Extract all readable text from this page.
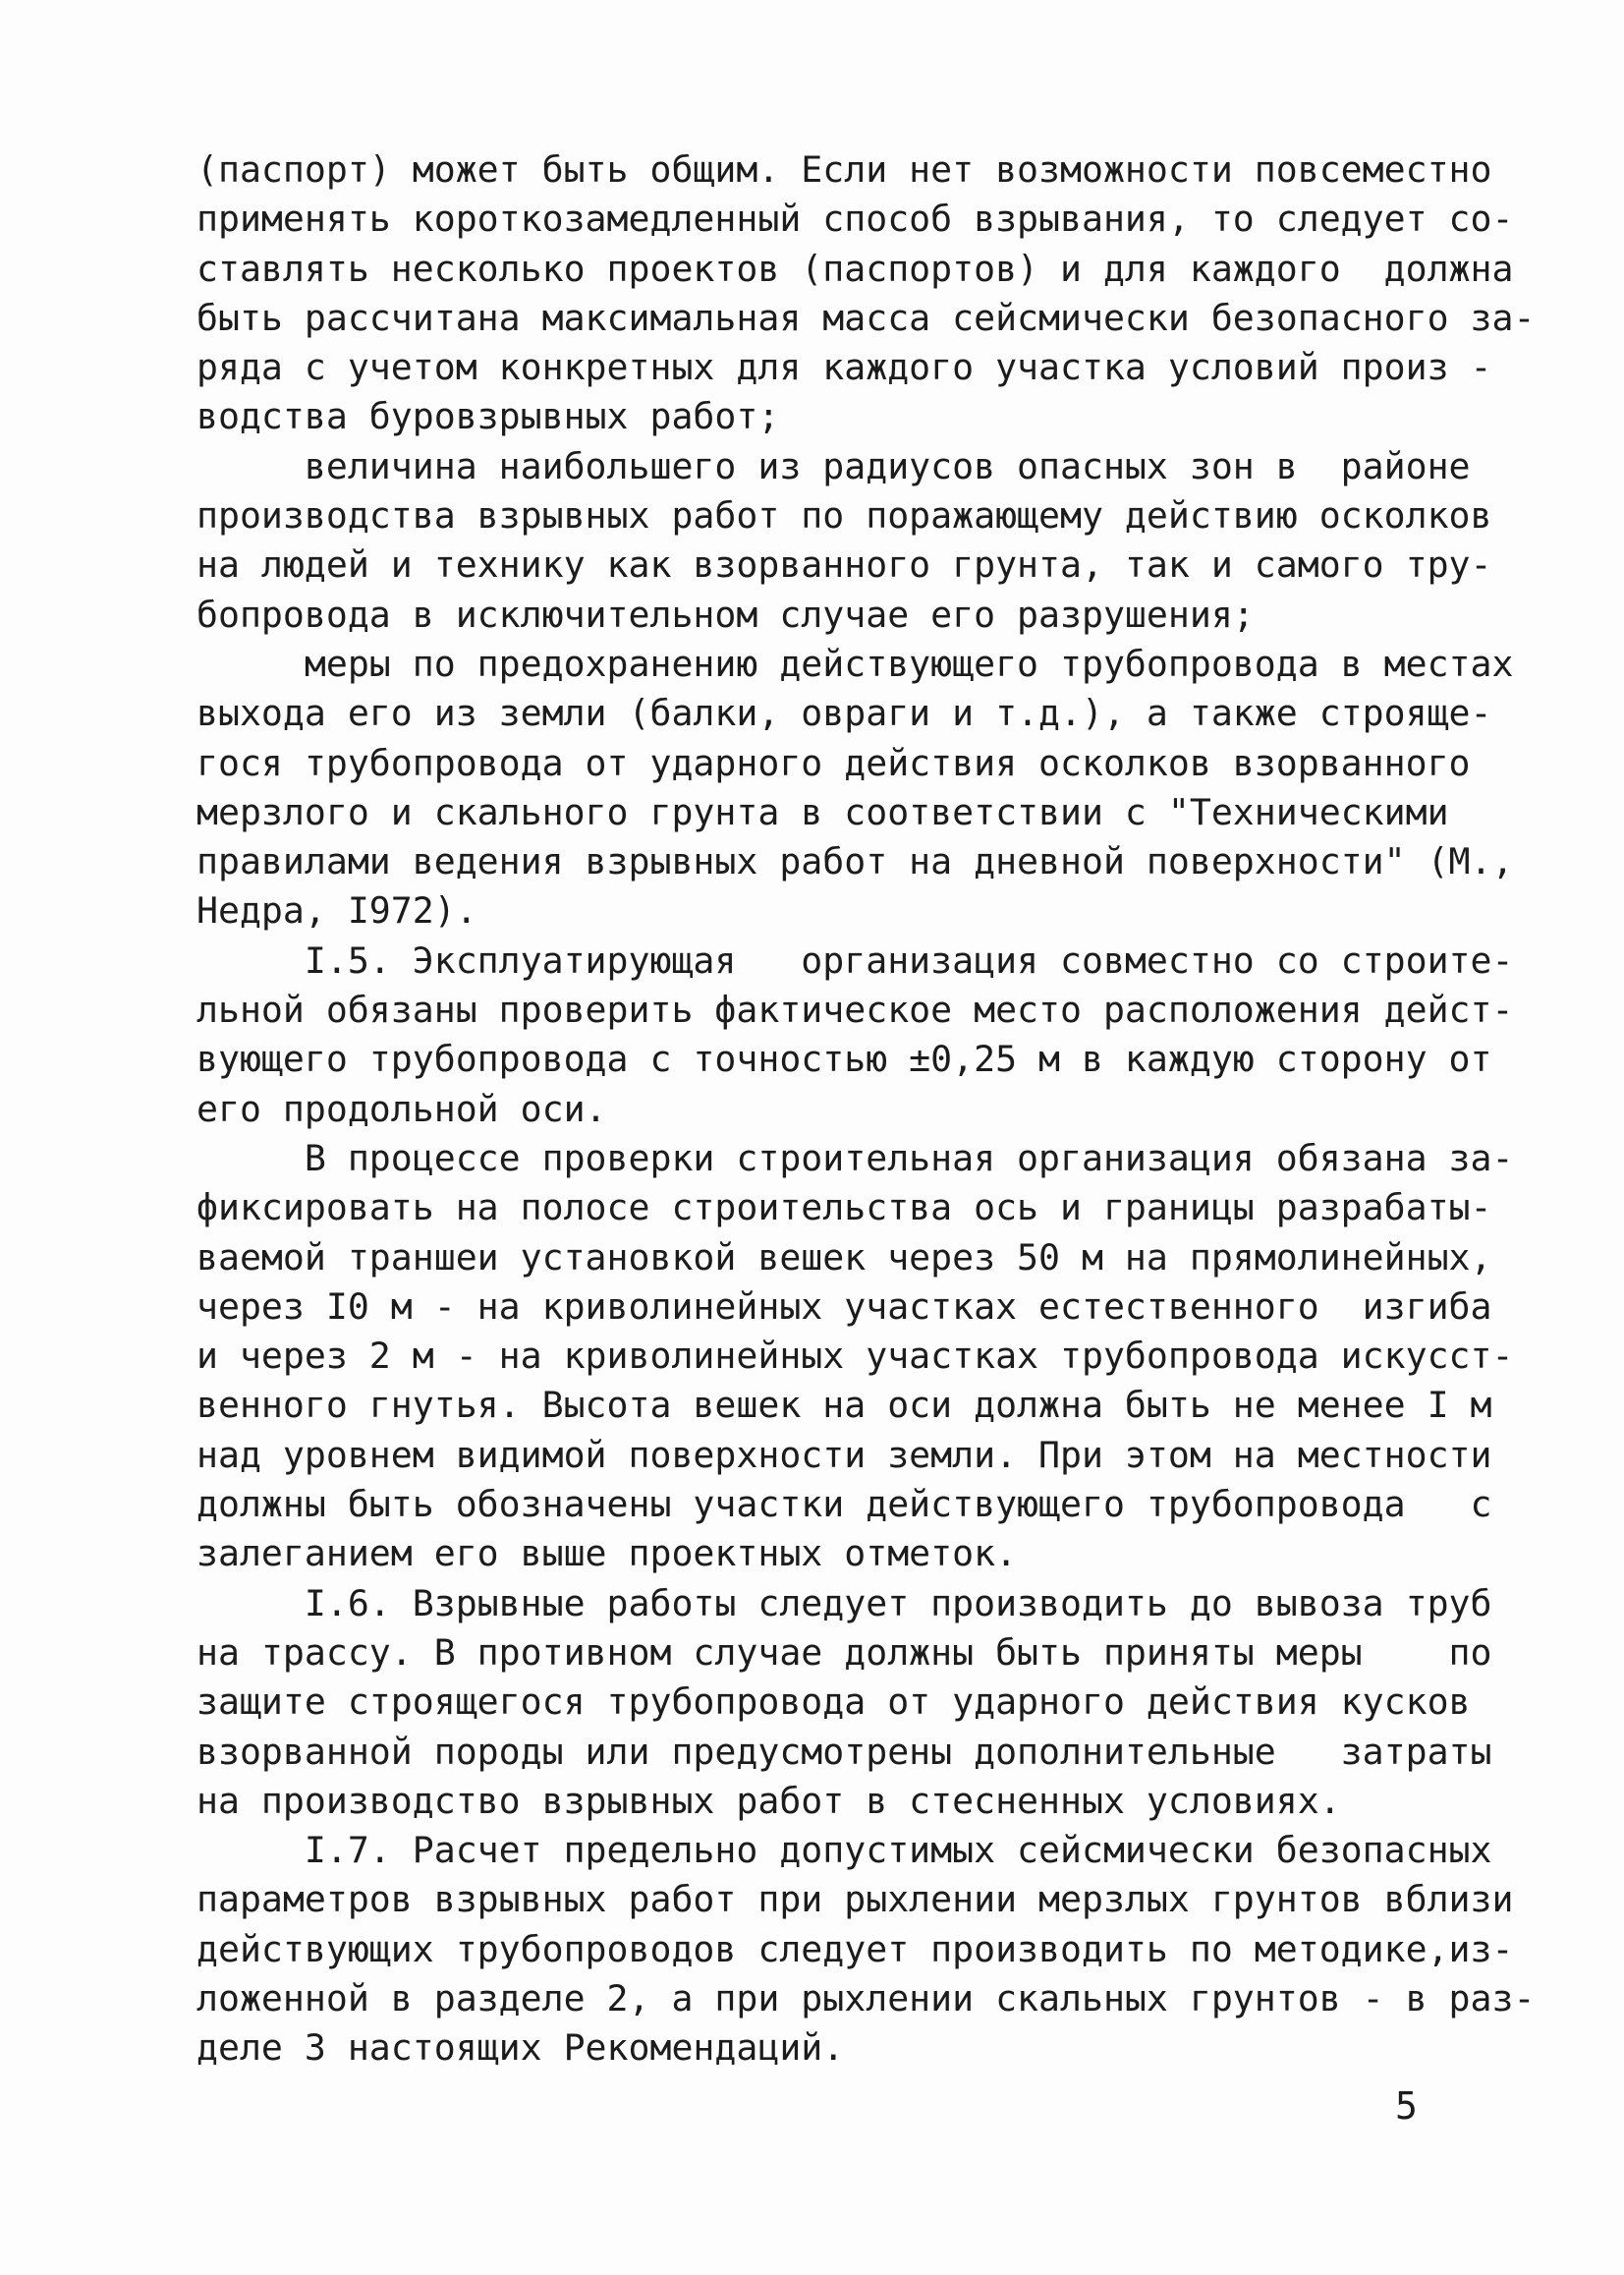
(паспорт) может быть общим. Если нет возможности повсеместно
применять короткозамедленный способ взрывания, то следует со-
ставлять несколько проектов (паспортов) и для каждого  должна
быть рассчитана максимальная масса сейсмически безопасного за-
ряда с учетом конкретных для каждого участка условий произ -
водства буровзрывных работ;
величина наибольшего из радиусов опасных зон в  районе
производства взрывных работ по поражающему действию осколков
на людей и технику как взорванного грунта, так и самого тру-
бопровода в исключительном случае его разрушения;
меры по предохранению действующего трубопровода в местах
выхода его из земли (балки, овраги и т.д.), а также строяще-
гося трубопровода от ударного действия осколков взорванного
мерзлого и скального грунта в соответствии с "Техническими
правилами ведения взрывных работ на дневной поверхности" (М.,
Недра, I972).
I.5. Эксплуатирующая   организация совместно со строите-
льной обязаны проверить фактическое место расположения дейст-
вующего трубопровода с точностью ±0,25 м в каждую сторону от
его продольной оси.
В процессе проверки строительная организация обязана за-
фиксировать на полосе строительства ось и границы разрабаты-
ваемой траншеи установкой вешек через 50 м на прямолинейных,
через I0 м - на криволинейных участках естественного  изгиба
и через 2 м - на криволинейных участках трубопровода искусст-
венного гнутья. Высота вешек на оси должна быть не менее I м
над уровнем видимой поверхности земли. При этом на местности
должны быть обозначены участки действующего трубопровода   с
залеганием его выше проектных отметок.
I.6. Взрывные работы следует производить до вывоза труб
на трассу. В противном случае должны быть приняты меры    по
защите строящегося трубопровода от ударного действия кусков
взорванной породы или предусмотрены дополнительные   затраты
на производство взрывных работ в стесненных условиях.
I.7. Расчет предельно допустимых сейсмически безопасных
параметров взрывных работ при рыхлении мерзлых грунтов вблизи
действующих трубопроводов следует производить по методике,из-
ложенной в разделе 2, а при рыхлении скальных грунтов - в раз-
деле 3 настоящих Рекомендаций.
5
